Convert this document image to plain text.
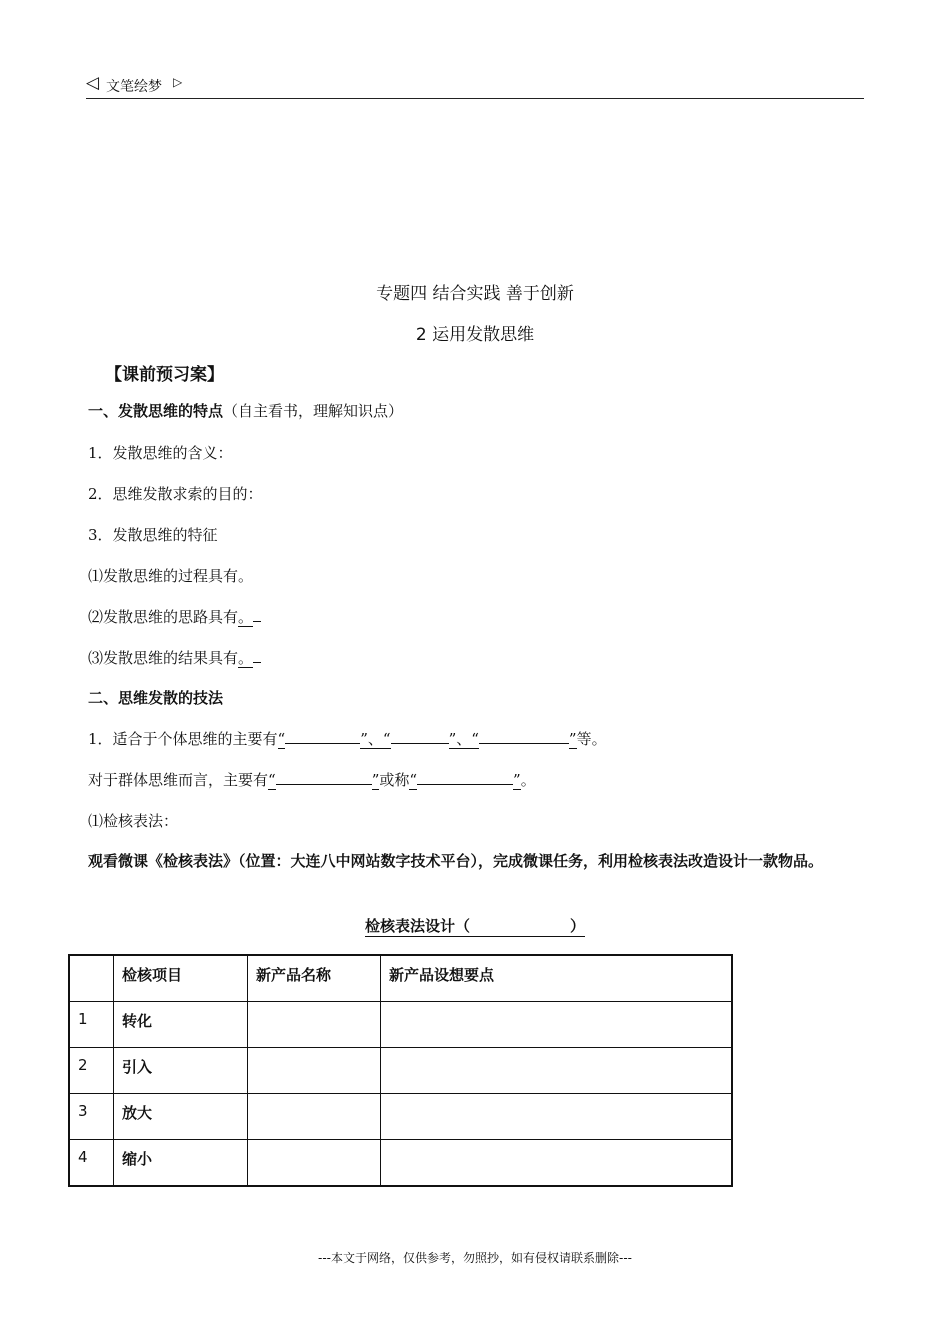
◁ 文笔绘梦 ▷
专题四 结合实践 善于创新
2 运用发散思维
【课前预习案】
一、发散思维的特点（自主看书，理解知识点）
1．发散思维的含义：
2．思维发散求索的目的：
3．发散思维的特征
⑴发散思维的过程具有。
⑵发散思维的思路具有。
⑶发散思维的结果具有。
二、思维发散的技法
1．适合于个体思维的主要有“	”、“	”、“	”等。
对于群体思维而言，主要有“	”或称“	”。
⑴检核表法：
观看微课《检核表法》（位置：大连八中网站数字技术平台），完成微课任务，利用检核表法改造设计一款物品。
检核表法设计（	）
	检核项目	新产品名称	新产品设想要点
1	转化		
2	引入		
3	放大		
4	缩小		
---本文于网络，仅供参考，勿照抄，如有侵权请联系删除---
